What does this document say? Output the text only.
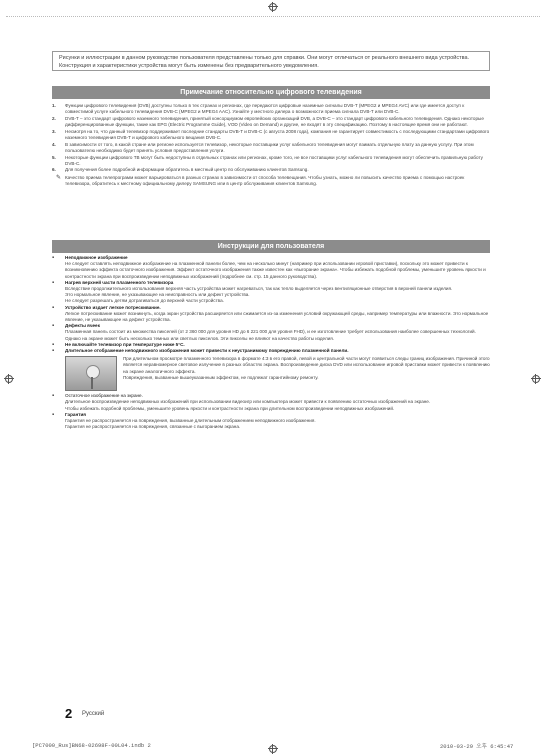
Рисунки и иллюстрации в данном руководстве пользователя представлены только для справки. Они могут отличаться от реального внешнего вида устройства. Конструкция и характеристики устройства могут быть изменены без предварительного уведомления.
Примечание относительно цифрового телевидения
1.	Функции цифрового телевидения (DVB) доступны только в тех странах и регионах, где передаются цифровые наземные сигналы DVB-T (MPEG2 и MPEG4 AVC) или где имеется доступ к совместимой услуге кабельного телевидения DVB-C (MPEG2 и MPEG4 AAC). Узнайте у местного дилера о возможности приема сигнала DVB-T или DVB-C.
2.	DVB-T – это стандарт цифрового наземного телевидения, принятый консорциумом европейских организаций DVB, а DVB-C – это стандарт цифрового кабельного телевидения. Однако некоторые дифференцированные функции, такие как EPG (Electric Programme Guide), VOD (Video on Demand) и другие, не входят в эту спецификацию. Поэтому в настоящее время они не работают.
3.	Несмотря на то, что данный телевизор поддерживает последние стандарты DVB-T и DVB-C (с августа 2008 года), компания не гарантирует совместимость с последующими стандартами цифрового наземного телевидения DVB-T и цифрового кабельного вещания DVB-C.
4.	В зависимости от того, в какой стране или регионе используется телевизор, некоторые поставщики услуг кабельного телевидения могут взимать отдельную плату за данную услугу. При этом пользователю необходимо будет принять условия предоставления услуги.
5.	Некоторые функции цифрового ТВ могут быть недоступны в отдельных странах или регионах, кроме того, не все поставщики услуг кабельного телевидения могут обеспечить правильную работу DVB-C.
6.	Для получения более подробной информации обратитесь в местный центр по обслуживанию клиентов Samsung.
✎ Качество приема телепрограмм может варьироваться в разных странах в зависимости от способа телевещания. Чтобы узнать, можно ли повысить качество приема с помощью настроек телевизора, обратитесь к местному официальному дилеру SAMSUNG или в центр обслуживания клиентов Samsung.
Инструкции для пользователя
▪	Неподвижное изображение
Не следует оставлять неподвижное изображение на плазменной панели более, чем на несколько минут (например при использовании игровой приставки), поскольку это может привести к возникновению эффекта остаточного изображения. Эффект остаточного изображения также известен как «выгорание экрана». Чтобы избежать подобной проблемы, уменьшите уровень яркости и контрастности экрана при воспроизведении неподвижных изображений (подробнее см. стр. 15 данного руководства).
▪	Нагрев верхней части плазменного телевизора
Вследствие продолжительного использования верхняя часть устройства может нагреваться, так как тепло выделяется через вентиляционные отверстия в верхней панели изделия.
Это нормальное явление, не указывающее на неисправность или дефект устройства.
Не следует разрешать детям дотрагиваться до верхней части устройства.
▪	Устройство издает легкое потрескивание.
Легкое потрескивание может возникнуть, когда экран устройства расширяется или сжимается из-за изменения условий окружающей среды, например температуры или влажности. Это нормальное явление, не указывающее на дефект устройства.
▪	Дефекты ячеек
Плазменная панель состоит из множества пикселей (от 2 360 000 для уровня HD до 6 221 000 для уровня FHD), и ее изготовление требует использования наиболее совершенных технологий. Однако на экране может быть несколько темных или светлых пикселов. Эти пикселы не влияют на качество работы изделия.
▪	Не включайте телевизор при температуре ниже 5°C.
▪	Длительное отображение неподвижного изображения может привести к неустранимому повреждению плазменной панели.
При длительном просмотре плазменного телевизора в формате 4:3 в его правой, левой и центральной части могут появиться следы границ изображения. Причиной этого является неравномерное световое излучение в разных областях экрана. Воспроизведение диска DVD или использование игровой приставки может привести к появлению на экране аналогичного эффекта.
Повреждения, вызванные вышеуказанным эффектом, не подлежат гарантийному ремонту.
▪	Остаточное изображение на экране.
Длительное воспроизведение неподвижных изображений при использовании видеоигр или компьютера может привести к появлению остаточных изображений на экране.
Чтобы избежать подобной проблемы, уменьшите уровень яркости и контрастности экрана при длительном воспроизведении неподвижных изображений.
▪	Гарантия
Гарантия не распространяется на повреждения, вызванные длительным отображением неподвижного изображения.
Гарантия не распространяется на повреждения, связанные с выгоранием экрана.
2 Русский
[PC7000_Rus]BN68-02698F-00L04.indb 2	2010-03-29 오후 6:45:47
